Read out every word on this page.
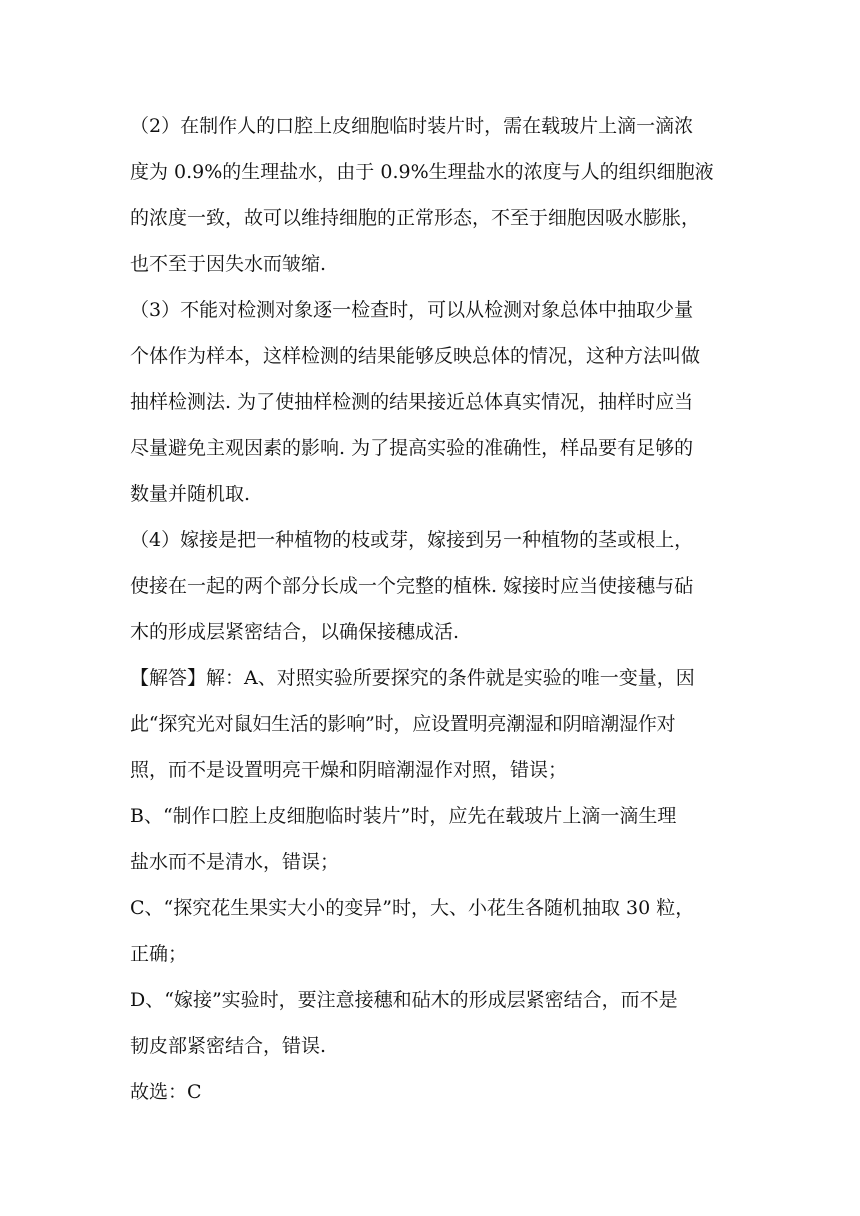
（2）在制作人的口腔上皮细胞临时装片时，需在载玻片上滴一滴浓
度为 0.9%的生理盐水，由于 0.9%生理盐水的浓度与人的组织细胞液
的浓度一致，故可以维持细胞的正常形态，不至于细胞因吸水膨胀，
也不至于因失水而皱缩.
（3）不能对检测对象逐一检查时，可以从检测对象总体中抽取少量
个体作为样本，这样检测的结果能够反映总体的情况，这种方法叫做
抽样检测法. 为了使抽样检测的结果接近总体真实情况，抽样时应当
尽量避免主观因素的影响. 为了提高实验的准确性，样品要有足够的
数量并随机取.
（4）嫁接是把一种植物的枝或芽，嫁接到另一种植物的茎或根上，
使接在一起的两个部分长成一个完整的植株. 嫁接时应当使接穗与砧
木的形成层紧密结合，以确保接穗成活.
【解答】解：A、对照实验所要探究的条件就是实验的唯一变量，因
此“探究光对鼠妇生活的影响”时，应设置明亮潮湿和阴暗潮湿作对
照，而不是设置明亮干燥和阴暗潮湿作对照，错误；
B、“制作口腔上皮细胞临时装片”时，应先在载玻片上滴一滴生理
盐水而不是清水，错误；
C、“探究花生果实大小的变异”时，大、小花生各随机抽取 30 粒，
正确；
D、“嫁接”实验时，要注意接穗和砧木的形成层紧密结合，而不是
韧皮部紧密结合，错误.
故选：C
